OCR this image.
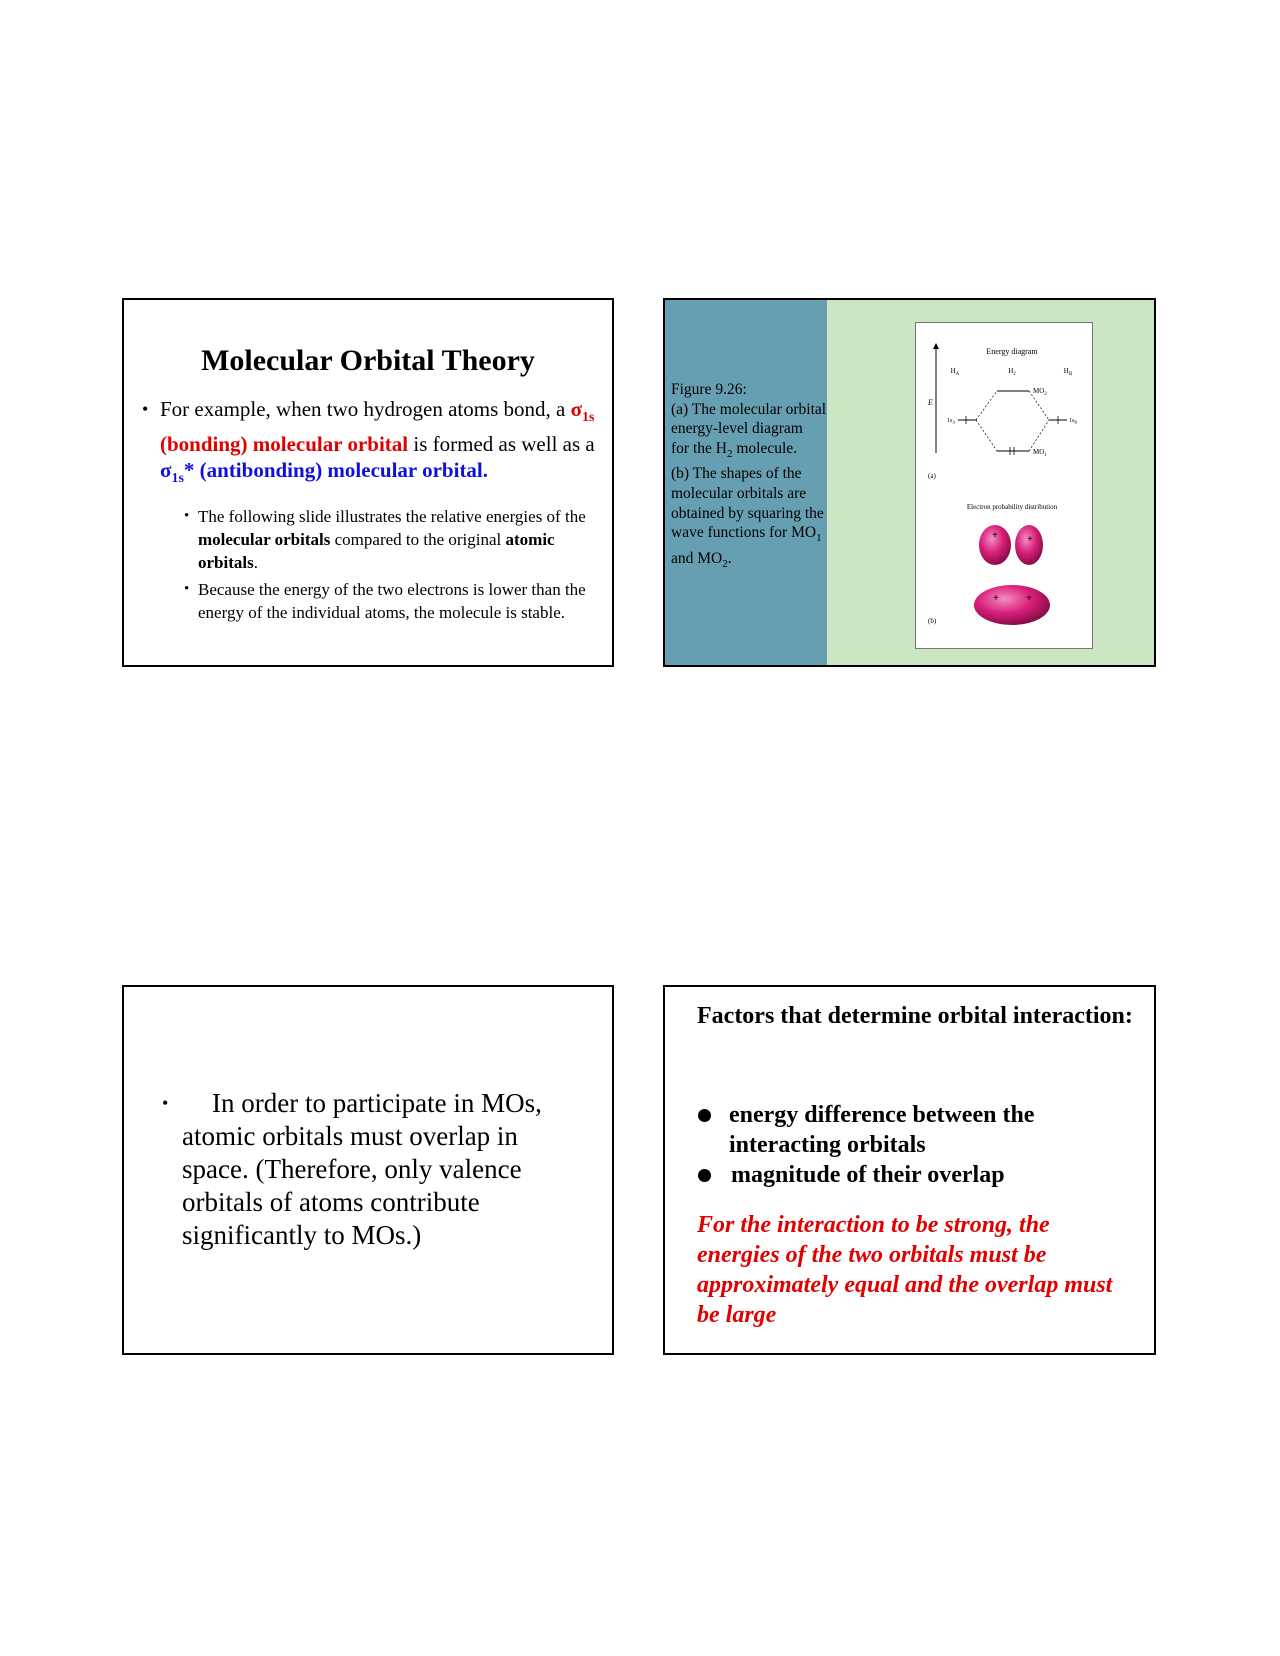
Molecular Orbital Theory
• For example, when two hydrogen atoms bond, a $\sigma_{1s}$ (bonding) molecular orbital is formed as well as a $\sigma_{1s}*$ (antibonding) molecular orbital.
• The following slide illustrates the relative energies of the molecular orbitals compared to the original atomic orbitals.
• Because the energy of the two electrons is lower than the energy of the individual atoms, the molecule is stable.
Figure 9.26:
(a) The molecular orbital energy-level diagram
for the $H_2$ molecule.
(b) The shapes of the molecular orbitals are obtained by squaring the wave functions for $MO_1$ and $MO_2$.
Energy diagram
$H_A$	$H_2$	$H_B$
E
$MO_2$
$1s_A$	$1s_B$
$MO_1$
(a)
Electron probability distribution
+	+
+	+
(b)
• In order to participate in MOs, atomic orbitals must overlap in space. (Therefore, only valence orbitals of atoms contribute significantly to MOs.)
Factors that determine orbital interaction:
energy difference between the interacting orbitals
magnitude of their overlap
For the interaction to be strong, the energies of the two orbitals must be approximately equal and the overlap must be large
